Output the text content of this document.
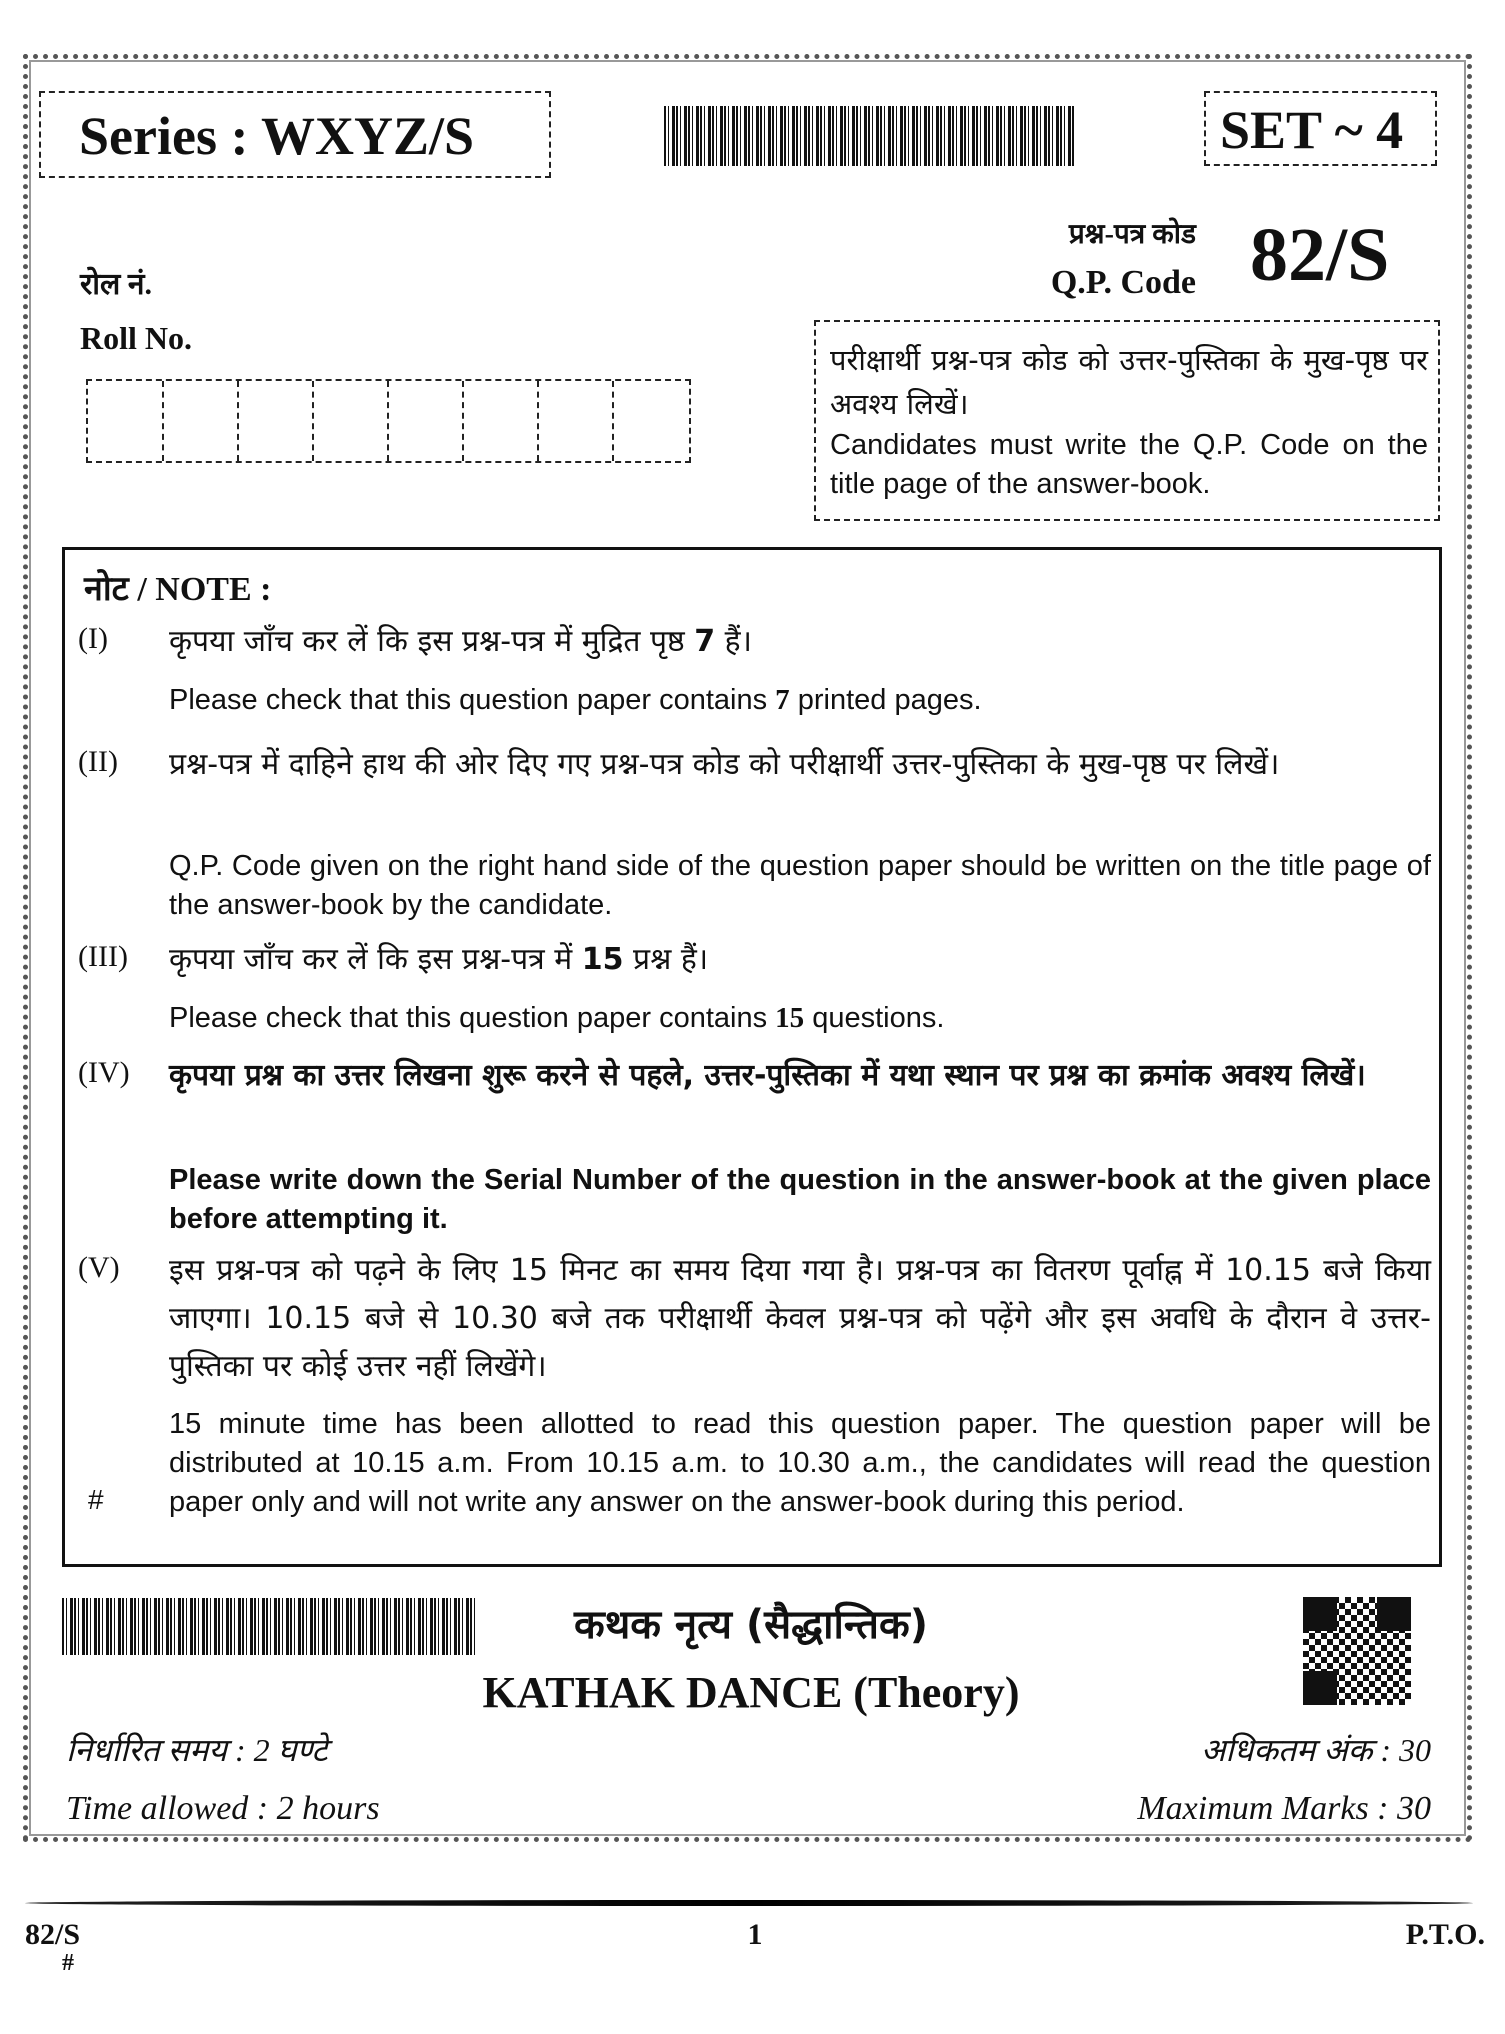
Series : WXYZ/S	SET ~ 4
प्रश्न-पत्र कोड
Q.P. Code 82/S
रोल नं.
Roll No.
परीक्षार्थी प्रश्न-पत्र कोड को उत्तर-पुस्तिका के मुख-पृष्ठ पर अवश्य लिखें।
Candidates must write the Q.P. Code on the title page of the answer-book.
नोट / NOTE :
(I) कृपया जाँच कर लें कि इस प्रश्न-पत्र में मुद्रित पृष्ठ 7 हैं।
Please check that this question paper contains 7 printed pages.
(II) प्रश्न-पत्र में दाहिने हाथ की ओर दिए गए प्रश्न-पत्र कोड को परीक्षार्थी उत्तर-पुस्तिका के मुख-पृष्ठ पर लिखें।
Q.P. Code given on the right hand side of the question paper should be written on the title page of the answer-book by the candidate.
(III) कृपया जाँच कर लें कि इस प्रश्न-पत्र में 15 प्रश्न हैं।
Please check that this question paper contains 15 questions.
(IV) कृपया प्रश्न का उत्तर लिखना शुरू करने से पहले, उत्तर-पुस्तिका में यथा स्थान पर प्रश्न का क्रमांक अवश्य लिखें।
Please write down the Serial Number of the question in the answer-book at the given place before attempting it.
(V) इस प्रश्न-पत्र को पढ़ने के लिए 15 मिनट का समय दिया गया है। प्रश्न-पत्र का वितरण पूर्वाह्न में 10.15 बजे किया जाएगा। 10.15 बजे से 10.30 बजे तक परीक्षार्थी केवल प्रश्न-पत्र को पढ़ेंगे और इस अवधि के दौरान वे उत्तर-पुस्तिका पर कोई उत्तर नहीं लिखेंगे।
15 minute time has been allotted to read this question paper. The question paper will be distributed at 10.15 a.m. From 10.15 a.m. to 10.30 a.m., the candidates will read the question paper only and will not write any answer on the answer-book during this period.
#
कथक नृत्य (सैद्धान्तिक)
KATHAK DANCE (Theory)
निर्धारित समय : 2 घण्टे
Time allowed : 2 hours
अधिकतम अंक : 30
Maximum Marks : 30
82/S
#
1	P.T.O.
